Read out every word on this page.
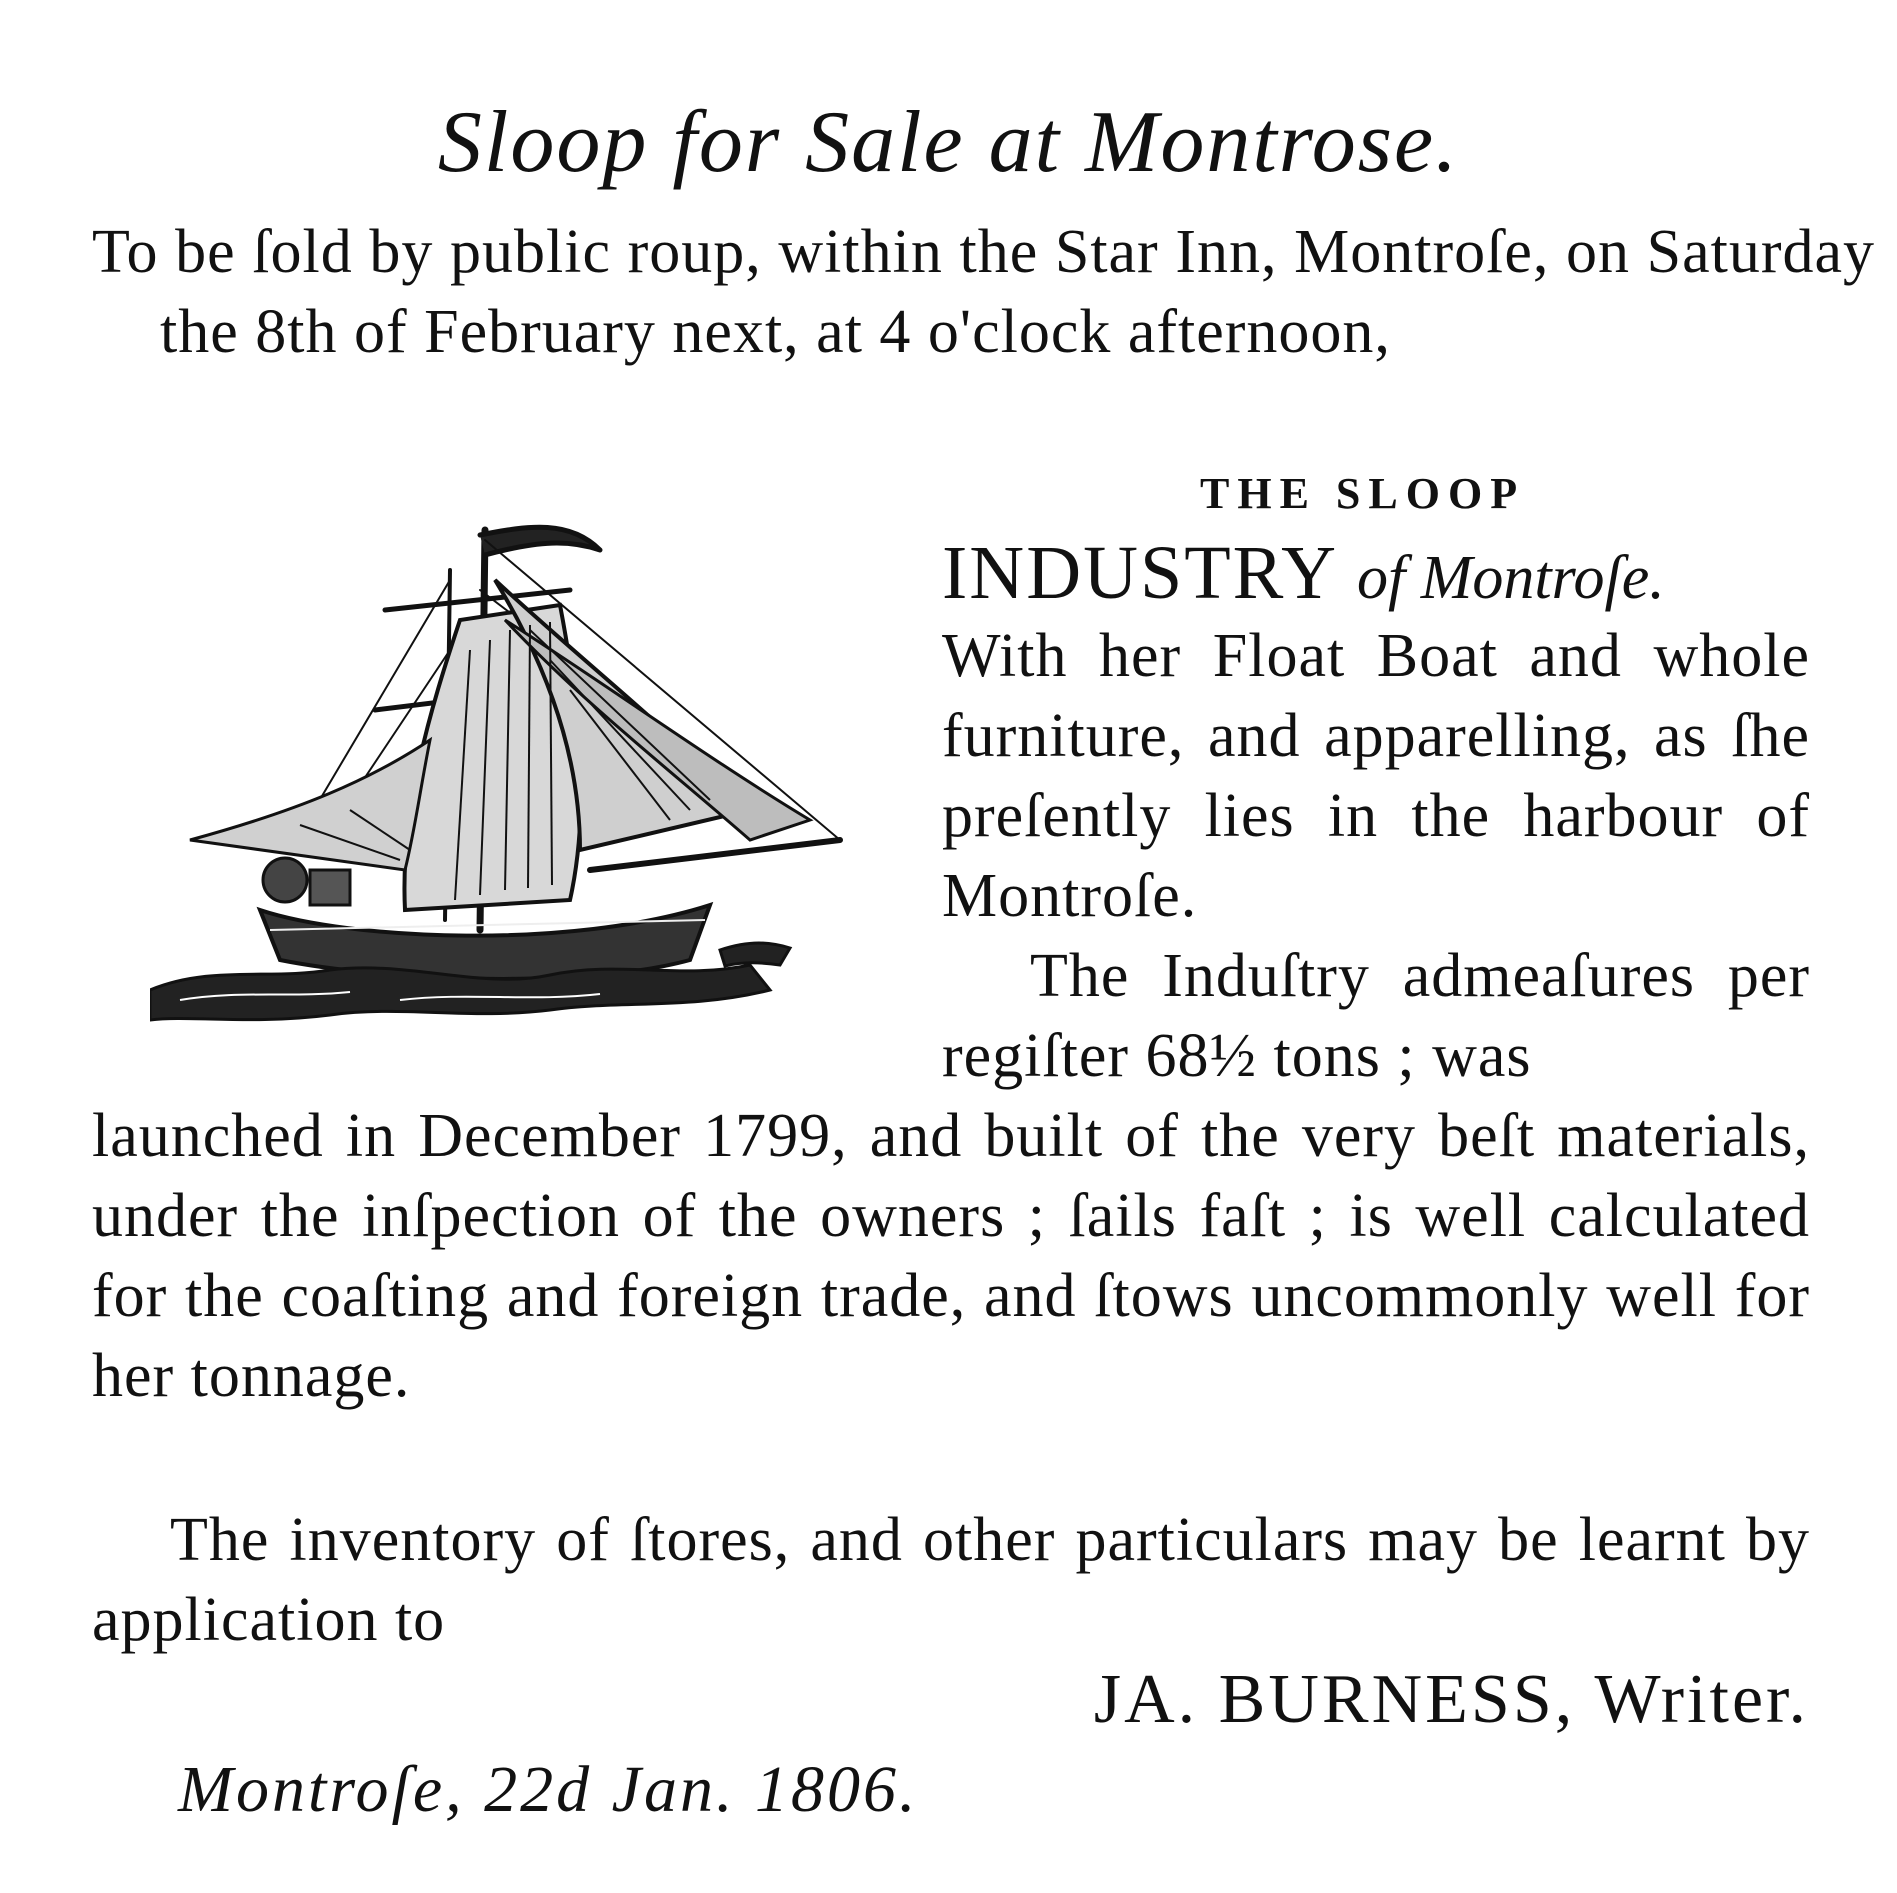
Sloop for Sale at Montrose.

To be ſold by public roup, within the Star Inn, Montroſe, on Saturday the 8th of February next, at 4 o'clock afternoon,

THE SLOOP

INDUSTRY of Montroſe.

With her Float Boat and whole furniture, and apparelling, as ſhe preſently lies in the harbour of Montroſe.

The Induſtry admeaſures per regiſter 68½ tons ; was

launched in December 1799, and built of the very beſt materials, under the inſpection of the owners ; ſails faſt ; is well calculated for the coaſting and foreign trade, and ſtows uncommonly well for her tonnage.

The inventory of ſtores, and other particulars may be learnt by application to

JA. BURNESS, Writer.

Montroſe, 22d Jan. 1806.
